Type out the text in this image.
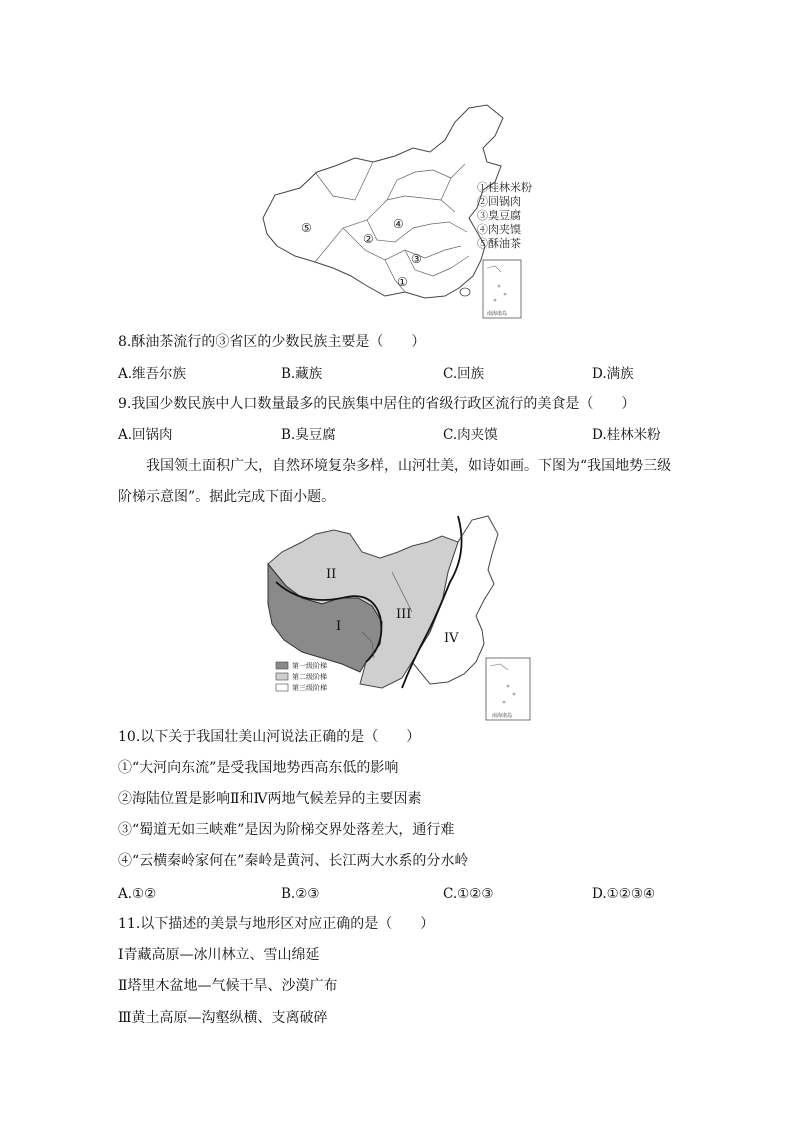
①
②
③
④
⑤
①桂林米粉
②回锅肉
③臭豆腐
④肉夹馍
⑤酥油茶
南海诸岛
8.酥油茶流行的③省区的少数民族主要是（　　）
A.维吾尔族	B.藏族	C.回族	D.满族
9.我国少数民族中人口数量最多的民族集中居住的省级行政区流行的美食是（　　）
A.回锅肉	B.臭豆腐	C.肉夹馍	D.桂林米粉
我国领土面积广大，自然环境复杂多样，山河壮美，如诗如画。下图为“我国地势三级阶梯示意图”。据此完成下面小题。
I
II
III
IV
第一级阶梯
第二级阶梯
第三级阶梯
南海诸岛
10.以下关于我国壮美山河说法正确的是（　　）
①“大河向东流”是受我国地势西高东低的影响
②海陆位置是影响Ⅱ和Ⅳ两地气候差异的主要因素
③“蜀道无如三峡难”是因为阶梯交界处落差大，通行难
④“云横秦岭家何在”秦岭是黄河、长江两大水系的分水岭
A.①②	B.②③	C.①②③	D.①②③④
11.以下描述的美景与地形区对应正确的是（　　）
Ⅰ青藏高原—冰川林立、雪山绵延
Ⅱ塔里木盆地—气候干旱、沙漠广布
Ⅲ黄土高原—沟壑纵横、支离破碎
